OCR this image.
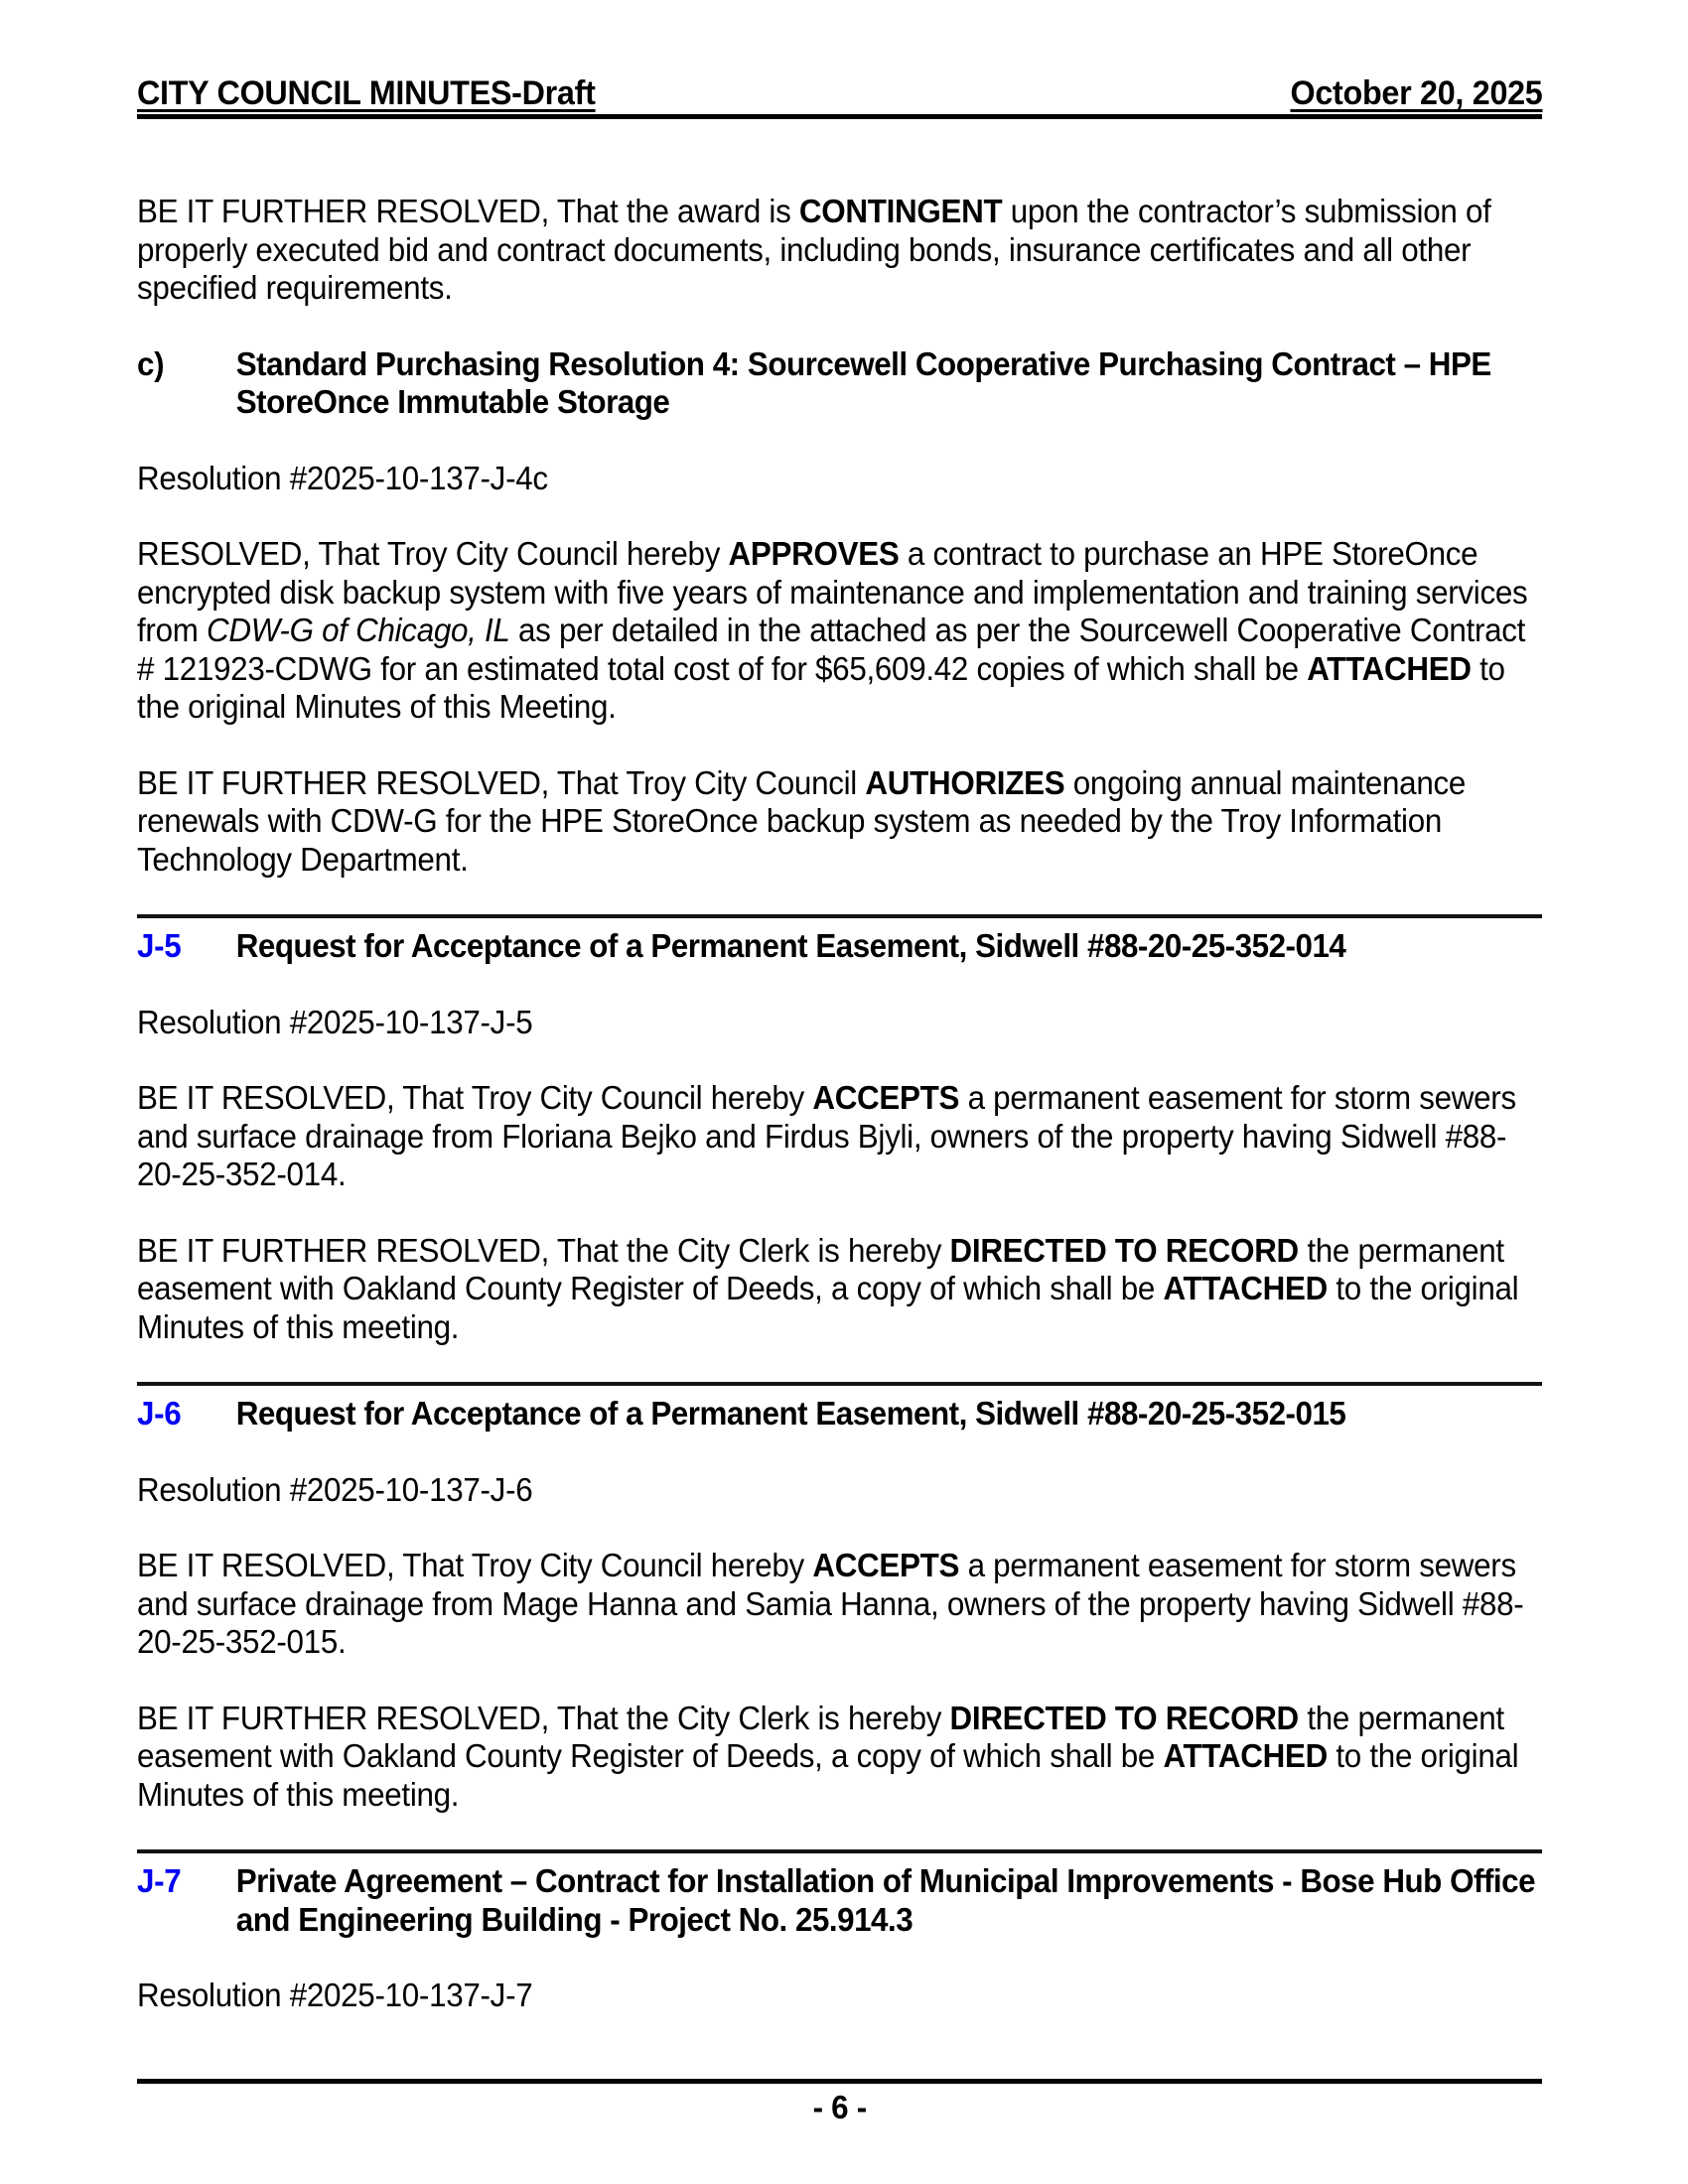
CITY COUNCIL MINUTES-Draft	October 20, 2025
BE IT FURTHER RESOLVED, That the award is CONTINGENT upon the contractor’s submission of properly executed bid and contract documents, including bonds, insurance certificates and all other specified requirements.
c)	Standard Purchasing Resolution 4: Sourcewell Cooperative Purchasing Contract – HPE StoreOnce Immutable Storage
Resolution #2025-10-137-J-4c
RESOLVED, That Troy City Council hereby APPROVES a contract to purchase an HPE StoreOnce encrypted disk backup system with five years of maintenance and implementation and training services from CDW-G of Chicago, IL as per detailed in the attached as per the Sourcewell Cooperative Contract # 121923-CDWG for an estimated total cost of for $65,609.42 copies of which shall be ATTACHED to the original Minutes of this Meeting.
BE IT FURTHER RESOLVED, That Troy City Council AUTHORIZES ongoing annual maintenance renewals with CDW-G for the HPE StoreOnce backup system as needed by the Troy Information Technology Department.
J-5	Request for Acceptance of a Permanent Easement, Sidwell #88-20-25-352-014
Resolution #2025-10-137-J-5
BE IT RESOLVED, That Troy City Council hereby ACCEPTS a permanent easement for storm sewers and surface drainage from Floriana Bejko and Firdus Bjyli, owners of the property having Sidwell #88-20-25-352-014.
BE IT FURTHER RESOLVED, That the City Clerk is hereby DIRECTED TO RECORD the permanent easement with Oakland County Register of Deeds, a copy of which shall be ATTACHED to the original Minutes of this meeting.
J-6	Request for Acceptance of a Permanent Easement, Sidwell #88-20-25-352-015
Resolution #2025-10-137-J-6
BE IT RESOLVED, That Troy City Council hereby ACCEPTS a permanent easement for storm sewers and surface drainage from Mage Hanna and Samia Hanna, owners of the property having Sidwell #88-20-25-352-015.
BE IT FURTHER RESOLVED, That the City Clerk is hereby DIRECTED TO RECORD the permanent easement with Oakland County Register of Deeds, a copy of which shall be ATTACHED to the original Minutes of this meeting.
J-7	Private Agreement – Contract for Installation of Municipal Improvements - Bose Hub Office and Engineering Building - Project No. 25.914.3
Resolution #2025-10-137-J-7
- 6 -
